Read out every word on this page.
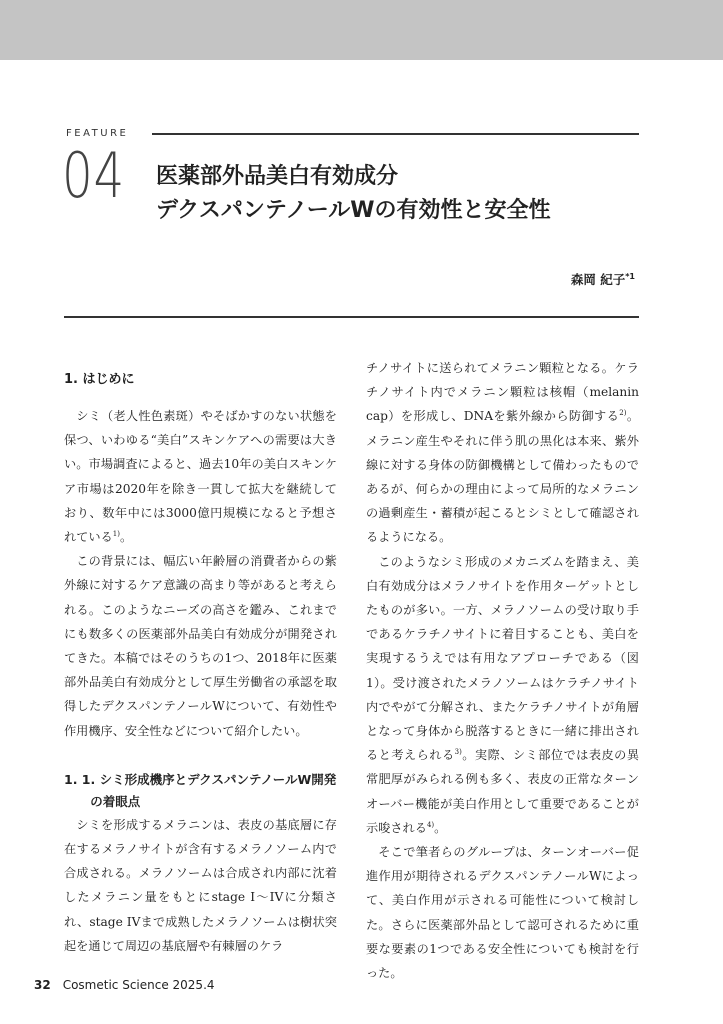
FEATURE
04 医薬部外品美白有効成分
デクスパンテノールWの有効性と安全性
森岡 紀子$^{*1}$
1. はじめに

シミ（老人性色素斑）やそばかすのない状態を保つ、いわゆる“美白”スキンケアへの需要は大きい。市場調査によると、過去10年の美白スキンケア市場は2020年を除き一貫して拡大を継続しており、数年中には3000億円規模になると予想されている$^{1)}$。

この背景には、幅広い年齢層の消費者からの紫外線に対するケア意識の高まり等があると考えられる。このようなニーズの高さを鑑み、これまでにも数多くの医薬部外品美白有効成分が開発されてきた。本稿ではそのうちの1つ、2018年に医薬部外品美白有効成分として厚生労働省の承認を取得したデクスパンテノールWについて、有効性や作用機序、安全性などについて紹介したい。

1. 1. シミ形成機序とデクスパンテノールW開発
の着眼点

シミを形成するメラニンは、表皮の基底層に存在するメラノサイトが含有するメラノソーム内で合成される。メラノソームは合成され内部に沈着したメラニン量をもとにstage I〜IVに分類され、stage IVまで成熟したメラノソームは樹状突起を通じて周辺の基底層や有棘層のケラ

チノサイトに送られてメラニン顆粒となる。ケラチノサイト内でメラニン顆粒は核帽（melanin cap）を形成し、DNAを紫外線から防御する$^{2)}$。メラニン産生やそれに伴う肌の黒化は本来、紫外線に対する身体の防御機構として備わったものであるが、何らかの理由によって局所的なメラニンの過剰産生・蓄積が起こるとシミとして確認されるようになる。

このようなシミ形成のメカニズムを踏まえ、美白有効成分はメラノサイトを作用ターゲットとしたものが多い。一方、メラノソームの受け取り手であるケラチノサイトに着目することも、美白を実現するうえでは有用なアプローチである（図1）。受け渡されたメラノソームはケラチノサイト内でやがて分解され、またケラチノサイトが角層となって身体から脱落するときに一緒に排出されると考えられる$^{3)}$。実際、シミ部位では表皮の異常肥厚がみられる例も多く、表皮の正常なターンオーバー機能が美白作用として重要であることが示唆される$^{4)}$。

そこで筆者らのグループは、ターンオーバー促進作用が期待されるデクスパンテノールWによって、美白作用が示される可能性について検討した。さらに医薬部外品として認可されるために重要な要素の1つである安全性についても検討を行った。

32 Cosmetic Science 2025.4
